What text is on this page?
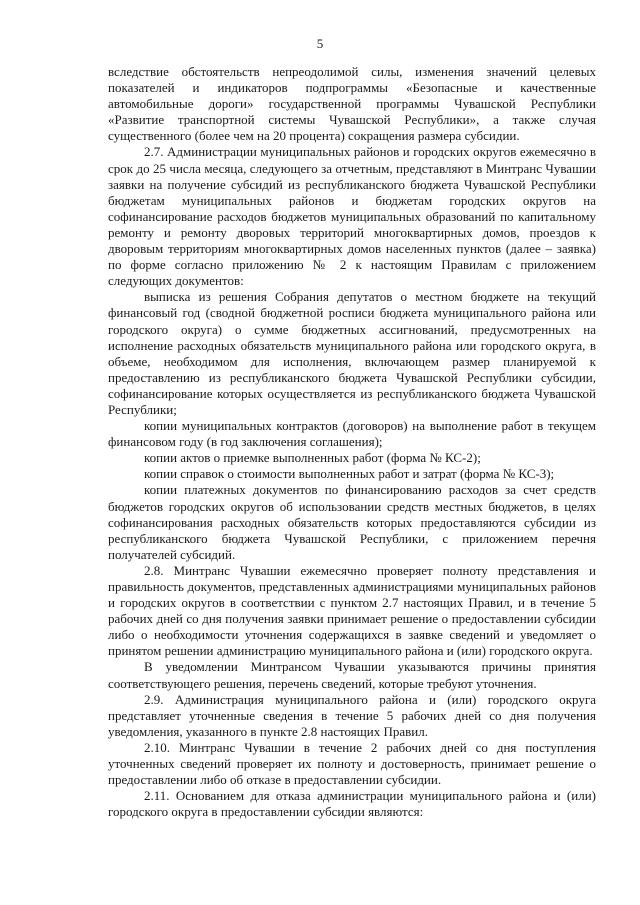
5

вследствие обстоятельств непреодолимой силы, изменения значений целевых показателей и индикаторов подпрограммы «Безопасные и качественные автомобильные дороги» государственной программы Чувашской Республики «Развитие транспортной системы Чувашской Республики», а также случая существенного (более чем на 20 процента) сокращения размера субсидии.

2.7. Администрации муниципальных районов и городских округов ежемесячно в срок до 25 числа месяца, следующего за отчетным, представляют в Минтранс Чувашии заявки на получение субсидий из республиканского бюджета Чувашской Республики бюджетам муниципальных районов и бюджетам городских округов на софинансирование расходов бюджетов муниципальных образований по капитальному ремонту и ремонту дворовых территорий многоквартирных домов, проездов к дворовым территориям многоквартирных домов населенных пунктов (далее – заявка) по форме согласно приложению № 2 к настоящим Правилам с приложением следующих документов:

выписка из решения Собрания депутатов о местном бюджете на текущий финансовый год (сводной бюджетной росписи бюджета муниципального района или городского округа) о сумме бюджетных ассигнований, предусмотренных на исполнение расходных обязательств муниципального района или городского округа, в объеме, необходимом для исполнения, включающем размер планируемой к предоставлению из республиканского бюджета Чувашской Республики субсидии, софинансирование которых осуществляется из республиканского бюджета Чувашской Республики;

копии муниципальных контрактов (договоров) на выполнение работ в текущем финансовом году (в год заключения соглашения);

копии актов о приемке выполненных работ (форма № КС-2);

копии справок о стоимости выполненных работ и затрат (форма № КС-3);

копии платежных документов по финансированию расходов за счет средств бюджетов городских округов об использовании средств местных бюджетов, в целях софинансирования расходных обязательств которых предоставляются субсидии из республиканского бюджета Чувашской Республики, с приложением перечня получателей субсидий.

2.8. Минтранс Чувашии ежемесячно проверяет полноту представления и правильность документов, представленных администрациями муниципальных районов и городских округов в соответствии с пунктом 2.7 настоящих Правил, и в течение 5 рабочих дней со дня получения заявки принимает решение о предоставлении субсидии либо о необходимости уточнения содержащихся в заявке сведений и уведомляет о принятом решении администрацию муниципального района и (или) городского округа.

В уведомлении Минтрансом Чувашии указываются причины принятия соответствующего решения, перечень сведений, которые требуют уточнения.

2.9. Администрация муниципального района и (или) городского округа представляет уточненные сведения в течение 5 рабочих дней со дня получения уведомления, указанного в пункте 2.8 настоящих Правил.

2.10. Минтранс Чувашии в течение 2 рабочих дней со дня поступления уточненных сведений проверяет их полноту и достоверность, принимает решение о предоставлении либо об отказе в предоставлении субсидии.

2.11. Основанием для отказа администрации муниципального района и (или) городского округа в предоставлении субсидии являются:
